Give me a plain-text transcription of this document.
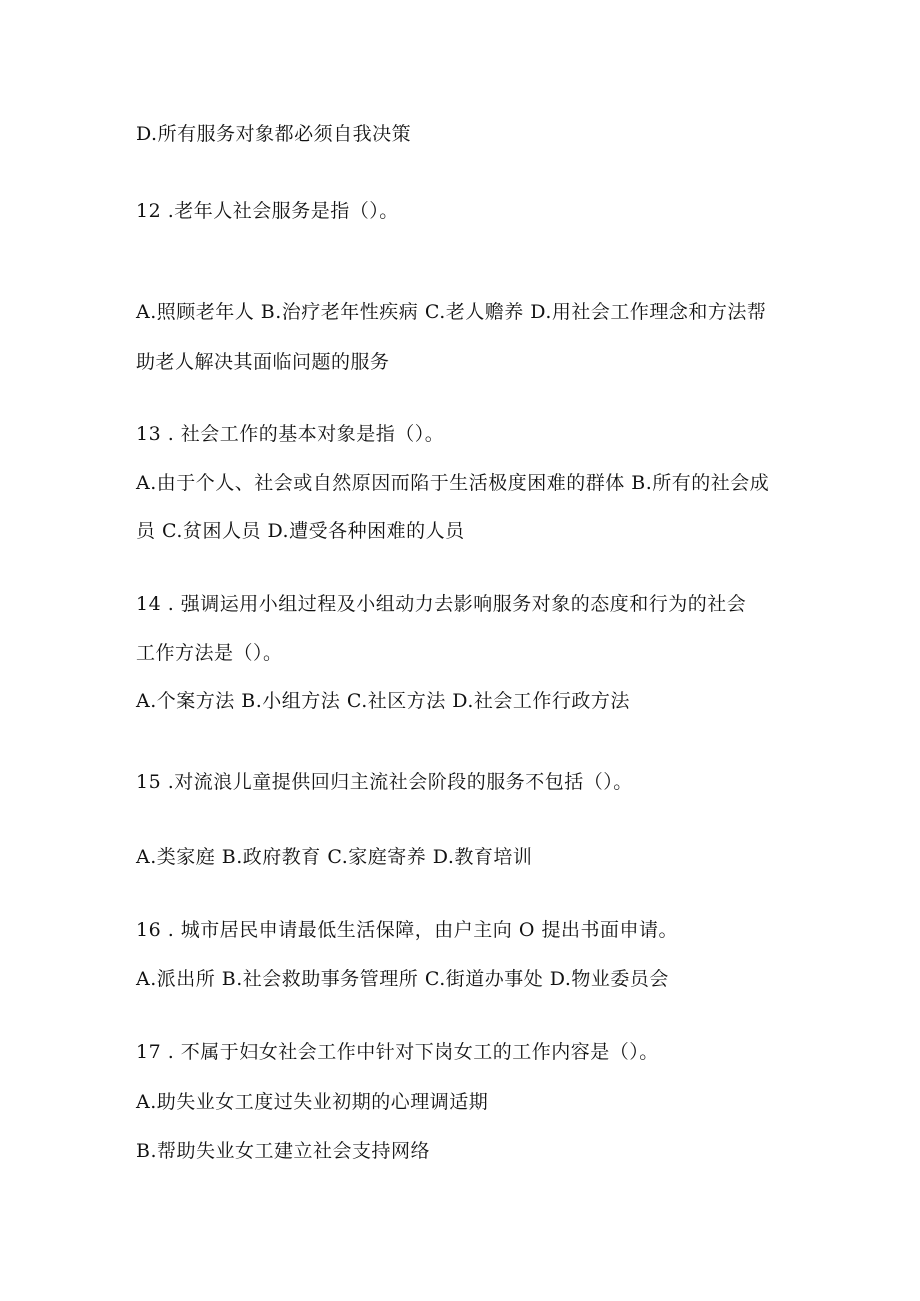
D.所有服务对象都必须自我决策
12 .老年人社会服务是指（）。
A.照顾老年人 B.治疗老年性疾病 C.老人赡养 D.用社会工作理念和方法帮
助老人解决其面临问题的服务
13 . 社会工作的基本对象是指（）。
A.由于个人、社会或自然原因而陷于生活极度困难的群体 B.所有的社会成
员 C.贫困人员 D.遭受各种困难的人员
14 . 强调运用小组过程及小组动力去影响服务对象的态度和行为的社会
工作方法是（）。
A.个案方法 B.小组方法 C.社区方法 D.社会工作行政方法
15 .对流浪儿童提供回归主流社会阶段的服务不包括（）。
A.类家庭 B.政府教育 C.家庭寄养 D.教育培训
16 . 城市居民申请最低生活保障，由户主向 O 提出书面申请。
A.派出所 B.社会救助事务管理所 C.街道办事处 D.物业委员会
17 . 不属于妇女社会工作中针对下岗女工的工作内容是（）。
A.助失业女工度过失业初期的心理调适期
B.帮助失业女工建立社会支持网络
